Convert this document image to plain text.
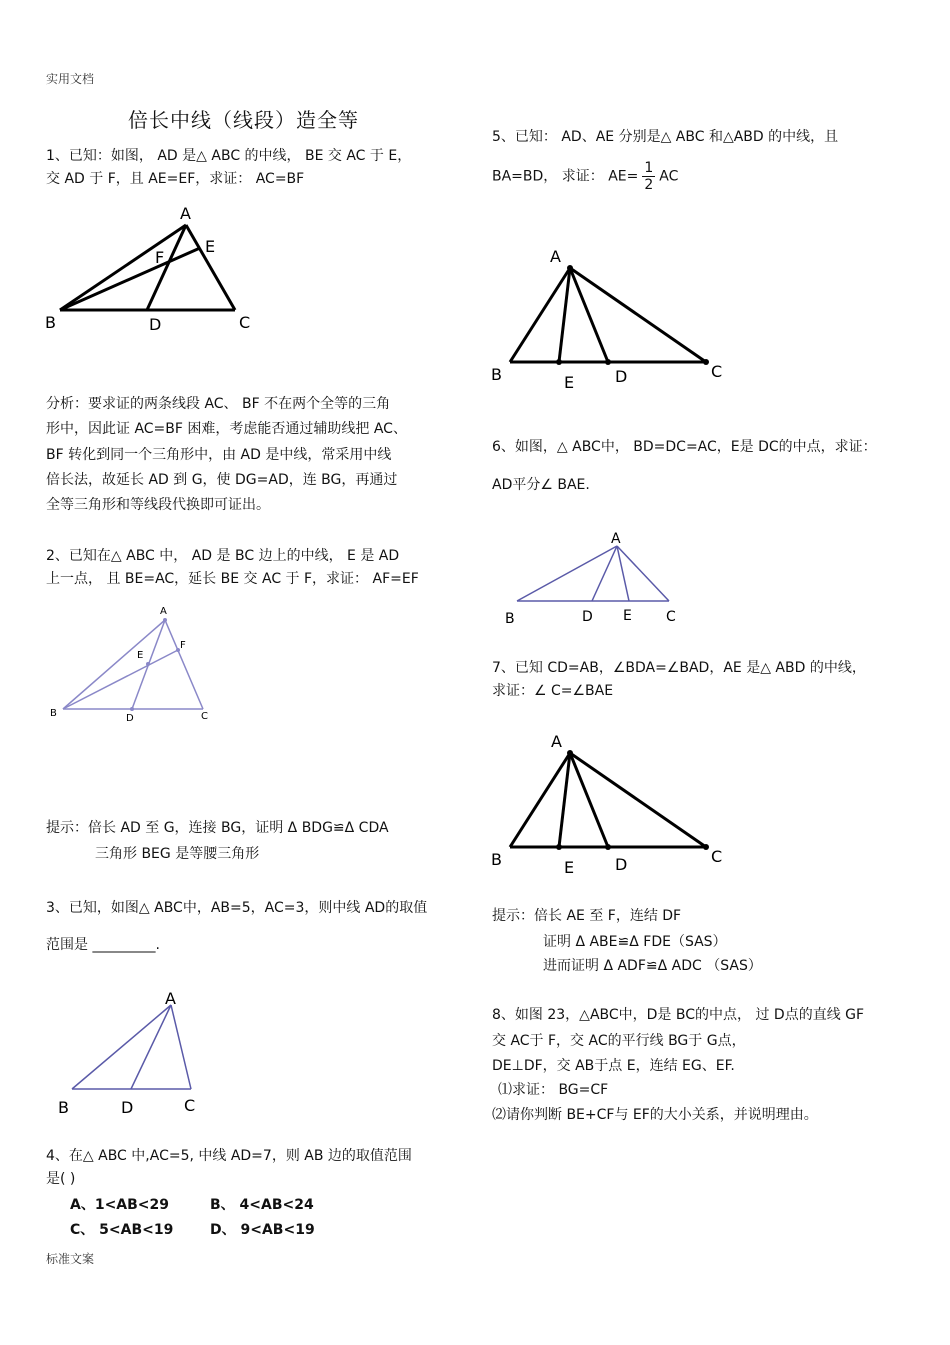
实用文档
标准文案
倍长中线（线段）造全等
1、已知：如图， AD 是△ ABC 的中线， BE 交 AC 于 E，
交 AD 于 F，且 AE=EF，求证： AC=BF
A
E
F
B	D	C
分析：要求证的两条线段 AC、 BF 不在两个全等的三角
形中，因此证 AC=BF 困难，考虑能否通过辅助线把 AC、
BF 转化到同一个三角形中，由 AD 是中线，常采用中线
倍长法，故延长 AD 到 G，使 DG=AD，连 BG，再通过
全等三角形和等线段代换即可证出。
2、已知在△ ABC 中， AD 是 BC 边上的中线， E 是 AD
上一点， 且 BE=AC，延长 BE 交 AC 于 F，求证： AF=EF
A
F
E
B	D	C
提示：倍长 AD 至 G，连接 BG，证明 Δ BDG≌Δ CDA
三角形 BEG 是等腰三角形
3、已知，如图△ ABC中，AB=5，AC=3，则中线 AD的取值
范围是 _________.
A
B	D	C
4、在△ ABC 中,AC=5, 中线 AD=7，则 AB 边的取值范围
是( )
A、1<AB<29	B、 4<AB<24
C、 5<AB<19	D、 9<AB<19
5、已知： AD、AE 分别是△ ABC 和△ABD 的中线，且
BA=BD， 求证： $AE= \frac{1}{2}$ AC
A
B	E	D	C
6、如图，△ ABC中， BD=DC=AC，E是 DC的中点，求证：
AD平分∠ BAE.
A
B	D E C
7、已知 CD=AB，∠BDA=∠BAD，AE 是△ ABD 的中线，
求证：∠ C=∠BAE
A
B	E	D	C
提示：倍长 AE 至 F，连结 DF
证明 Δ ABE≌Δ FDE（SAS）
进而证明 Δ ADF≌Δ ADC （SAS）
8、如图 23，△ABC中，D是 BC的中点， 过 D点的直线 GF
交 AC于 F，交 AC的平行线 BG于 G点，
DE⊥DF，交 AB于点 E，连结 EG、EF.
⑴求证： BG=CF
⑵请你判断 BE+CF与 EF的大小关系，并说明理由。
